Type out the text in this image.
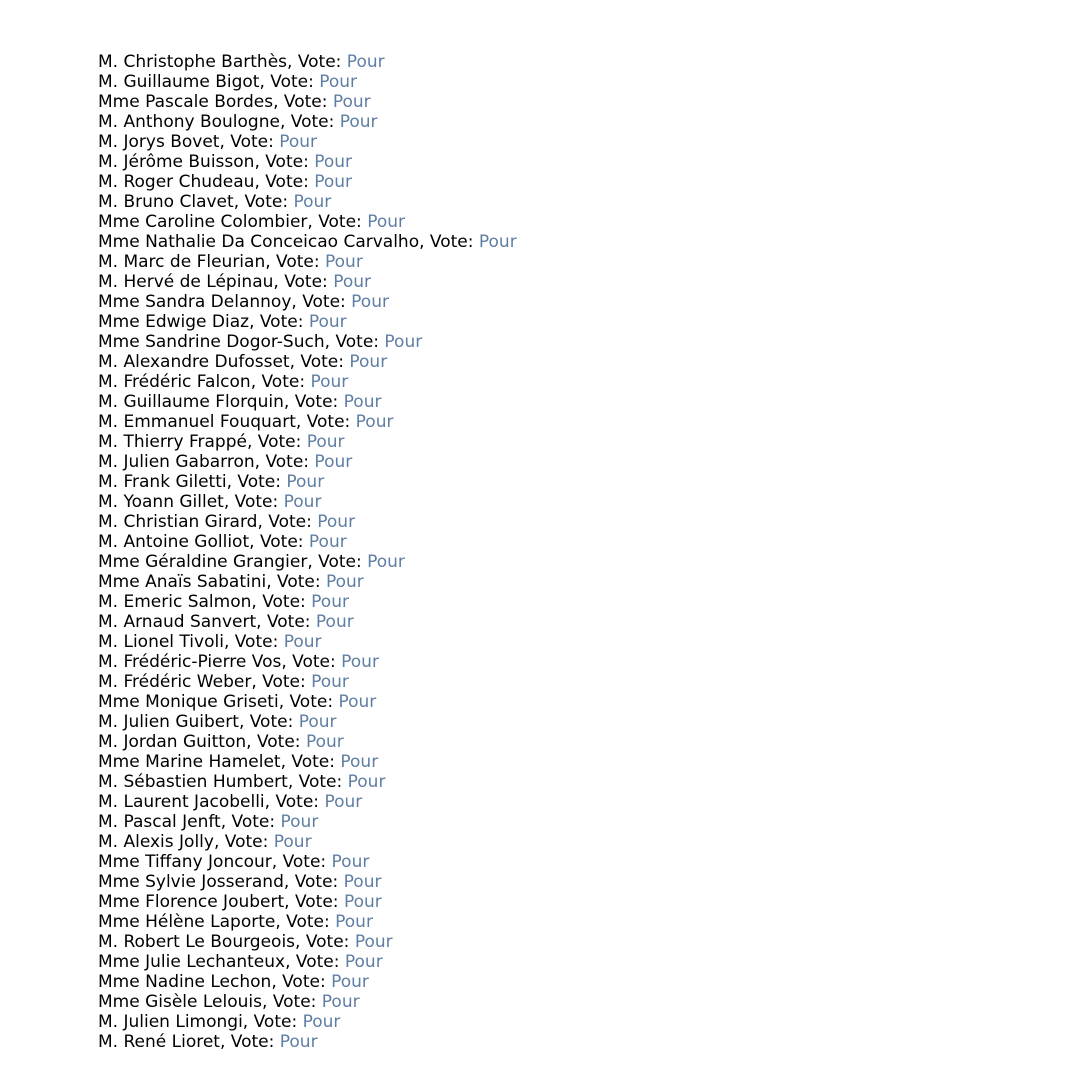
M. Christophe Barthès, Vote: Pour
M. Guillaume Bigot, Vote: Pour
Mme Pascale Bordes, Vote: Pour
M. Anthony Boulogne, Vote: Pour
M. Jorys Bovet, Vote: Pour
M. Jérôme Buisson, Vote: Pour
M. Roger Chudeau, Vote: Pour
M. Bruno Clavet, Vote: Pour
Mme Caroline Colombier, Vote: Pour
Mme Nathalie Da Conceicao Carvalho, Vote: Pour
M. Marc de Fleurian, Vote: Pour
M. Hervé de Lépinau, Vote: Pour
Mme Sandra Delannoy, Vote: Pour
Mme Edwige Diaz, Vote: Pour
Mme Sandrine Dogor-Such, Vote: Pour
M. Alexandre Dufosset, Vote: Pour
M. Frédéric Falcon, Vote: Pour
M. Guillaume Florquin, Vote: Pour
M. Emmanuel Fouquart, Vote: Pour
M. Thierry Frappé, Vote: Pour
M. Julien Gabarron, Vote: Pour
M. Frank Giletti, Vote: Pour
M. Yoann Gillet, Vote: Pour
M. Christian Girard, Vote: Pour
M. Antoine Golliot, Vote: Pour
Mme Géraldine Grangier, Vote: Pour
Mme Anaïs Sabatini, Vote: Pour
M. Emeric Salmon, Vote: Pour
M. Arnaud Sanvert, Vote: Pour
M. Lionel Tivoli, Vote: Pour
M. Frédéric-Pierre Vos, Vote: Pour
M. Frédéric Weber, Vote: Pour
Mme Monique Griseti, Vote: Pour
M. Julien Guibert, Vote: Pour
M. Jordan Guitton, Vote: Pour
Mme Marine Hamelet, Vote: Pour
M. Sébastien Humbert, Vote: Pour
M. Laurent Jacobelli, Vote: Pour
M. Pascal Jenft, Vote: Pour
M. Alexis Jolly, Vote: Pour
Mme Tiffany Joncour, Vote: Pour
Mme Sylvie Josserand, Vote: Pour
Mme Florence Joubert, Vote: Pour
Mme Hélène Laporte, Vote: Pour
M. Robert Le Bourgeois, Vote: Pour
Mme Julie Lechanteux, Vote: Pour
Mme Nadine Lechon, Vote: Pour
Mme Gisèle Lelouis, Vote: Pour
M. Julien Limongi, Vote: Pour
M. René Lioret, Vote: Pour
